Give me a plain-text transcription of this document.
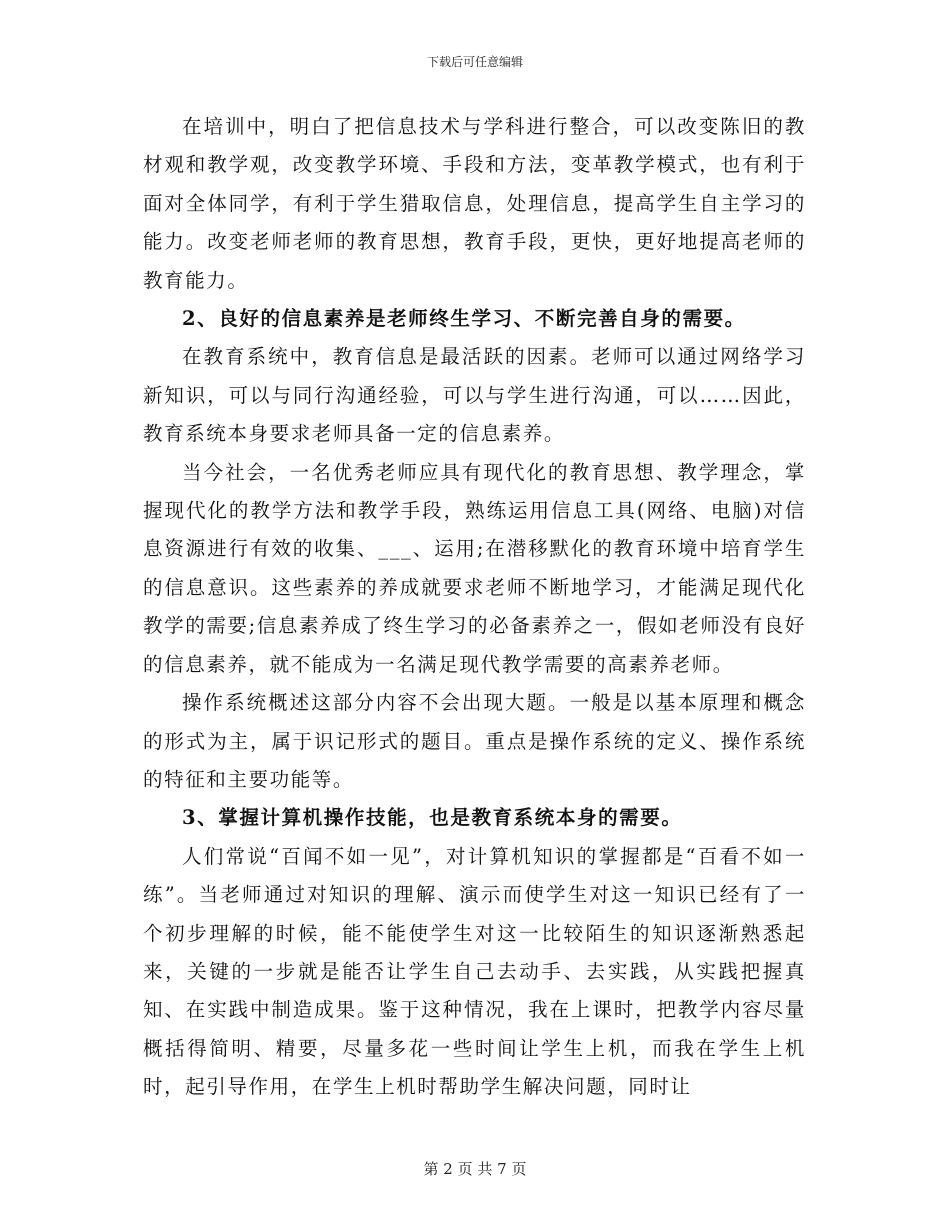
下载后可任意编辑

在培训中，明白了把信息技术与学科进行整合，可以改变陈旧的教材观和教学观，改变教学环境、手段和方法，变革教学模式，也有利于面对全体同学，有利于学生猎取信息，处理信息，提高学生自主学习的能力。改变老师老师的教育思想，教育手段，更快，更好地提高老师的教育能力。

2、良好的信息素养是老师终生学习、不断完善自身的需要。

在教育系统中，教育信息是最活跃的因素。老师可以通过网络学习新知识，可以与同行沟通经验，可以与学生进行沟通，可以……因此，教育系统本身要求老师具备一定的信息素养。

当今社会，一名优秀老师应具有现代化的教育思想、教学理念，掌握现代化的教学方法和教学手段，熟练运用信息工具(网络、电脑)对信息资源进行有效的收集、___、运用;在潜移默化的教育环境中培育学生的信息意识。这些素养的养成就要求老师不断地学习，才能满足现代化教学的需要;信息素养成了终生学习的必备素养之一，假如老师没有良好的信息素养，就不能成为一名满足现代教学需要的高素养老师。

操作系统概述这部分内容不会出现大题。一般是以基本原理和概念的形式为主，属于识记形式的题目。重点是操作系统的定义、操作系统的特征和主要功能等。

3、掌握计算机操作技能，也是教育系统本身的需要。

人们常说“百闻不如一见”，对计算机知识的掌握都是“百看不如一练”。当老师通过对知识的理解、演示而使学生对这一知识已经有了一个初步理解的时候，能不能使学生对这一比较陌生的知识逐渐熟悉起来，关键的一步就是能否让学生自己去动手、去实践，从实践把握真知、在实践中制造成果。鉴于这种情况，我在上课时，把教学内容尽量概括得简明、精要，尽量多花一些时间让学生上机，而我在学生上机时，起引导作用，在学生上机时帮助学生解决问题，同时让

第 2 页 共 7 页
